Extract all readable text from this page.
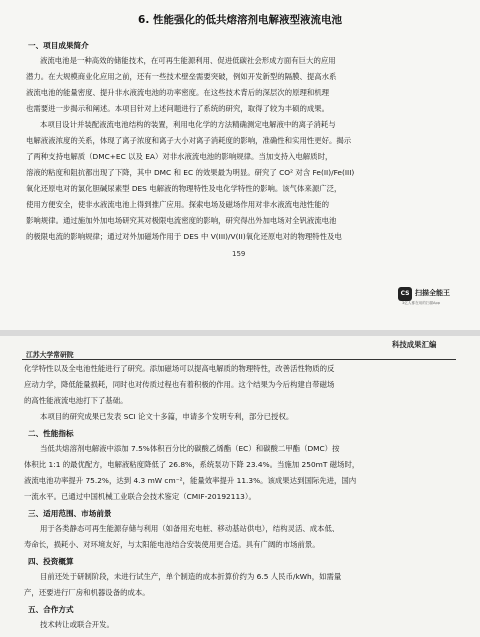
6. 性能强化的低共熔溶剂电解液型液流电池
一、项目成果简介
液流电池是一种高效的储能技术，在可再生能源利用、促进低碳社会形成方面有巨大的应用
潜力。在大规模商业化应用之前，还有一些技术壁垒需要突破，例如开发新型的隔膜、提高水系
液流电池的能量密度、提升非水液流电池的功率密度。在这些技术背后的深层次的原理和机理
也需要进一步揭示和阐述。本项目针对上述问题进行了系统的研究，取得了较为丰硕的成果。
本项目设计并装配液流电池结构的装置，利用电化学的方法精确测定电解液中的离子消耗与
电解液液浓度的关系，体现了离子浓度和离子大小对离子消耗度的影响，准确性和实用性更好。揭示
了两种支持电解质（DMC+EC 以及 EA）对非水液流电池的影响规律。当加支持入电解质时，
溶液的粘度和阻抗都出现了下降，其中 DMC 和 EC 的效果最为明显。研究了 CO² 对含 Fe(II)/Fe(III)
氧化还原电对的氯化胆碱尿素型 DES 电解液的物理特性及电化学特性的影响。该气体来源广泛，
使用方便安全，使非水液流电池上得到推广应用。探索电场及磁场作用对非水液流电池性能的
影响规律。通过施加外加电场研究其对极限电流密度的影响，研究得出外加电场对全钒液流电池
的极限电流的影响规律；通过对外加磁场作用于 DES 中 V(III)/V(II)氧化还原电对的物理特性及电
159
CS 扫描全能王
3亿人都在用的扫描App
科技成果汇编
江苏大学常研院
化学特性以及全电池性能进行了研究。添加磁场可以提高电解质的物理特性，改善活性物质的反
应动力学，降低能量损耗，同时也对传质过程也有着积极的作用。这个结果为今后构建自带磁场
的高性能液流电池打下了基础。
本项目的研究成果已发表 SCI 论文十多篇，申请多个发明专利，部分已授权。
二、性能指标
当低共熔溶剂电解液中添加 7.5%体积百分比的碳酸乙烯酯（EC）和碳酸二甲酯（DMC）按
体积比 1:1 的最优配方，电解液粘度降低了 26.8%，系统泵功下降 23.4%。当施加 250mT 磁场时，
液流电池功率提升 75.2%，达到 4.3 mW cm⁻²，能量效率提升 11.3%。该成果达到国际先进，国内
一流水平。已通过中国机械工业联合会技术鉴定（CMIF-20192113）。
三、适用范围、市场前景
用于各类静态可再生能源存储与利用（如备用充电桩、移动基站供电），结构灵活、成本低、
寿命长，损耗小、对环境友好，与太阳能电池结合安装使用更合适。具有广阔的市场前景。
四、投资概算
目前还处于研制阶段，未进行试生产，单个制造的成本折算价约为 6.5 人民币/kWh，如需量
产，还要进行厂房和机器设备的成本。
五、合作方式
技术转让或联合开发。
